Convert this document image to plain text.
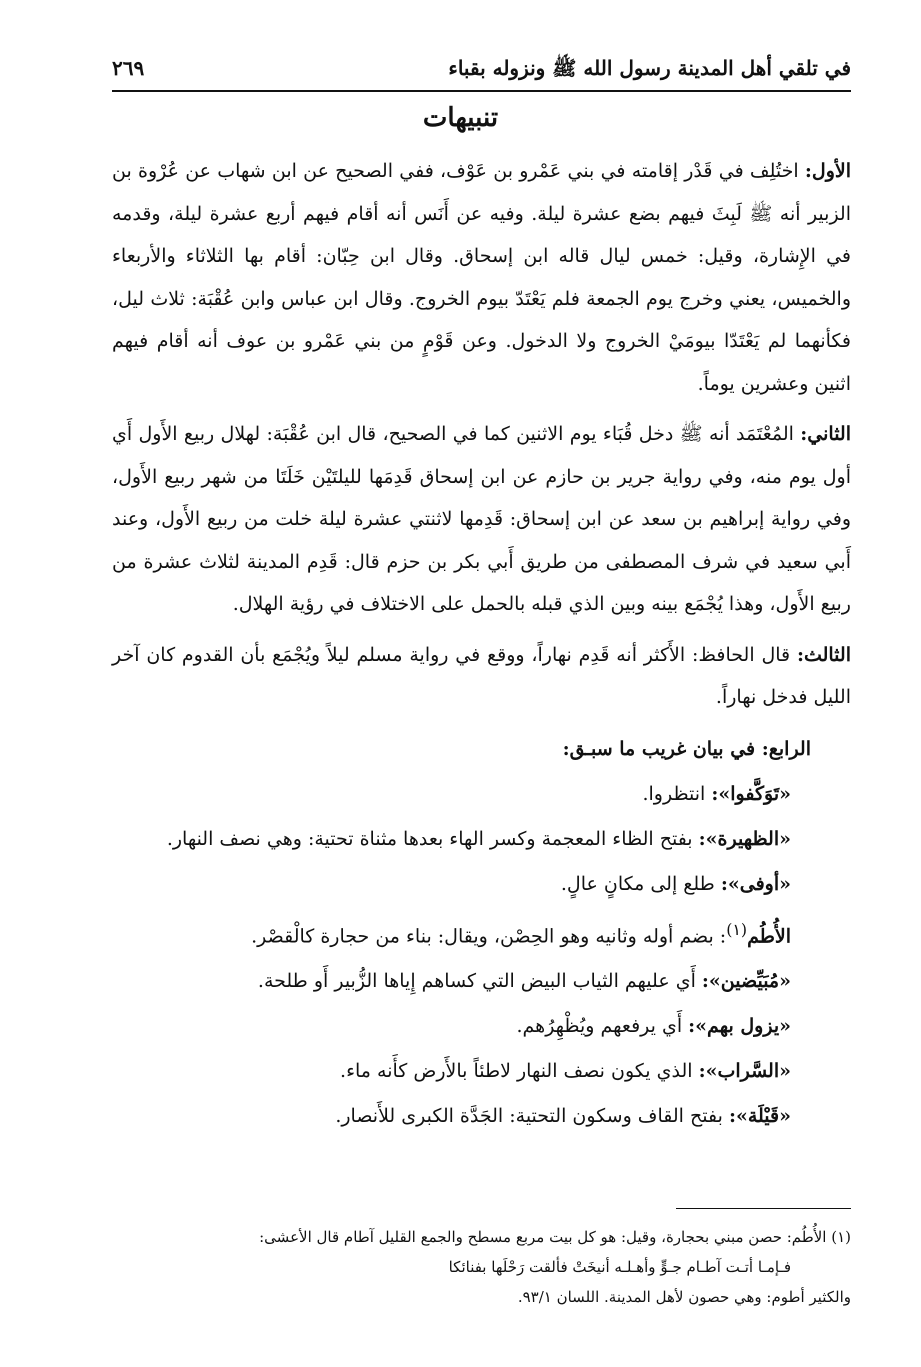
في تلقي أهل المدينة رسول الله ﷺ ونزوله بقباء
٢٦٩
تنبيهات

الأول: اختُلِف في قَدْر إقامته في بني عَمْرو بن عَوْف، ففي الصحيح عن ابن شهاب عن عُرْوة بن الزبير أنه ﷺ لَبِثَ فيهم بضع عشرة ليلة. وفيه عن أَنَس أنه أقام فيهم أربع عشرة ليلة، وقدمه في الإِشارة، وقيل: خمس ليال قاله ابن إسحاق. وقال ابن حِبّان: أقام بها الثلاثاء والأربعاء والخميس، يعني وخرج يوم الجمعة فلم يَعْتَدّ بيوم الخروج. وقال ابن عباس وابن عُقْبَة: ثلاث ليل، فكأنهما لم يَعْتَدّا بيومَيْ الخروج ولا الدخول. وعن قَوْمٍ من بني عَمْرو بن عوف أنه أقام فيهم اثنين وعشرين يوماً.

الثاني: المُعْتَمَد أنه ﷺ دخل قُبَاء يوم الاثنين كما في الصحيح، قال ابن عُقْبَة: لهلال ربيع الأَول أَي أول يوم منه، وفي رواية جرير بن حازم عن ابن إسحاق قَدِمَها لليلتَيْن خَلَتَا من شهر ربيع الأَول، وفي رواية إبراهيم بن سعد عن ابن إسحاق: قَدِمها لاثنتي عشرة ليلة خلت من ربيع الأَول، وعند أَبي سعيد في شرف المصطفى من طريق أَبي بكر بن حزم قال: قَدِم المدينة لثلاث عشرة من ربيع الأَول، وهذا يُجْمَع بينه وبين الذي قبله بالحمل على الاختلاف في رؤية الهلال.

الثالث: قال الحافظ: الأَكثر أنه قَدِم نهاراً، ووقع في رواية مسلم ليلاً ويُجْمَع بأن القدوم كان آخر الليل فدخل نهاراً.

الرابع: في بيان غريب ما سبـق:
«تَوَكَّفوا»: انتظروا.
«الظهيرة»: بفتح الظاء المعجمة وكسر الهاء بعدها مثناة تحتية: وهي نصف النهار.
«أوفى»: طلع إلى مكانٍ عالٍ.
الأُطُم$^{(١)}$: بضم أوله وثانيه وهو الحِصْن، ويقال: بناء من حجارة كالْقصْر.
«مُبَيِّضين»: أَي عليهم الثياب البيض التي كساهم إِياها الزُّبير أَو طلحة.
«يزول بهم»: أَي يرفعهم ويُظْهِرُهم.
«السَّراب»: الذي يكون نصف النهار لاطئاً بالأَرض كأَنه ماء.
«قَيْلَة»: بفتح القاف وسكون التحتية: الجَدَّة الكبرى للأَنصار.

(١) الأُطُم: حصن مبني بحجارة، وقيل: هو كل بيت مربع مسطح والجمع القليل آطام قال الأعشى:

فـإمـا أتـت آطـام جـوٍّ وأهـلـه أنيخَتْ فألقت رَحْلَها بفنائكا

والكثير أطوم: وهي حصون لأهل المدينة. اللسان ٩٣/١.
